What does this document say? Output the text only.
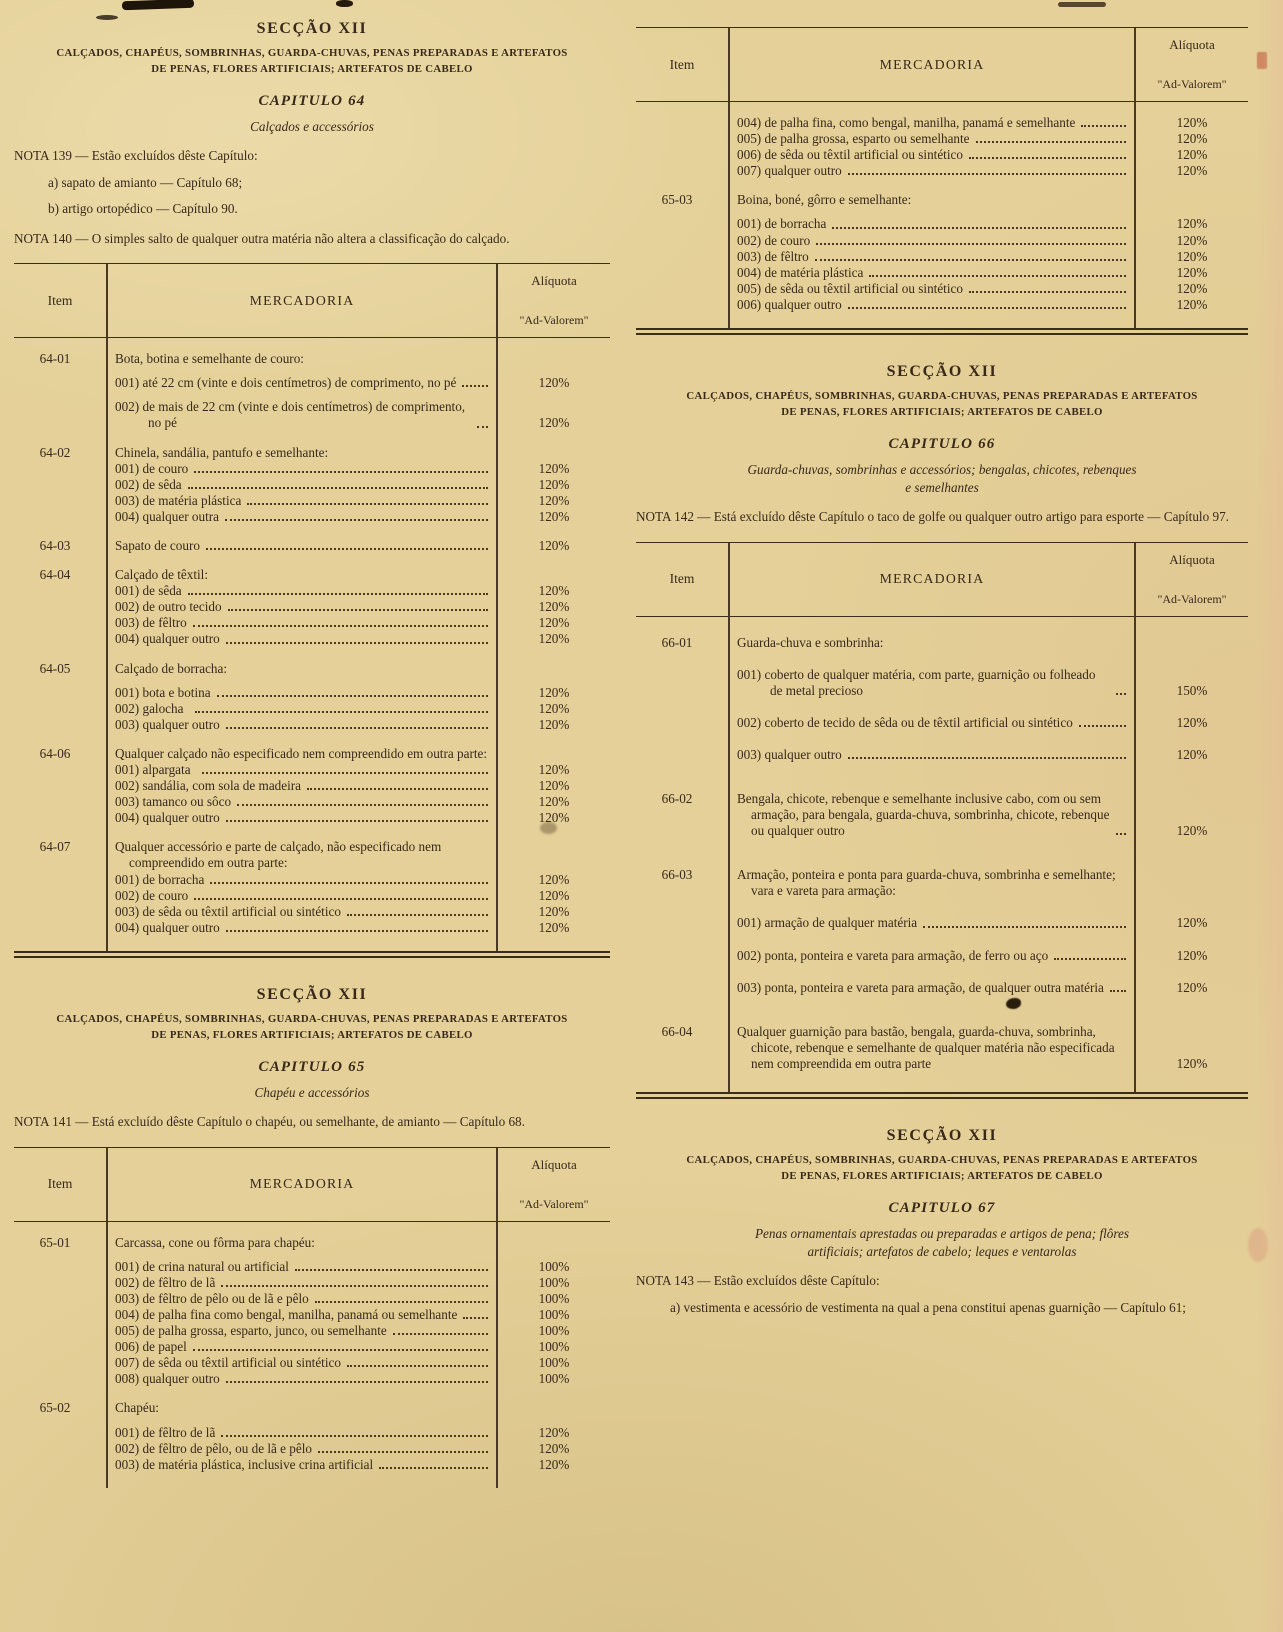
SECÇÃO XII
CALÇADOS, CHAPÉUS, SOMBRINHAS, GUARDA-CHUVAS, PENAS PREPARADAS E ARTEFATOS
DE PENAS, FLORES ARTIFICIAIS; ARTEFATOS DE CABELO
CAPITULO 64
Calçados e accessórios
NOTA 139 — Estão excluídos dêste Capítulo:
a) sapato de amianto — Capítulo 68;
b) artigo ortopédico — Capítulo 90.
NOTA 140 — O simples salto de qualquer outra matéria não altera a classificação do calçado.
Item	MERCADORIA
Alíquota
"Ad-Valorem"
64-01	Bota, botina e semelhante de couro:
001) até 22 cm (vinte e dois centímetros) de comprimento, no pé	120%
002) de mais de 22 cm (vinte e dois centímetros) de comprimento, no pé	120%
64-02	Chinela, sandália, pantufo e semelhante:
001) de couro	120%
002) de sêda	120%
003) de matéria plástica	120%
004) qualquer outra	120%
64-03	Sapato de couro	120%
64-04	Calçado de têxtil:
001) de sêda	120%
002) de outro tecido	120%
003) de fêltro	120%
004) qualquer outro	120%
64-05	Calçado de borracha:
001) bota e botina	120%
002) galocha	120%
003) qualquer outro	120%
64-06	Qualquer calçado não especificado nem compreendido em outra parte:
001) alpargata	120%
002) sandália, com sola de madeira	120%
003) tamanco ou sôco	120%
004) qualquer outro	120%
64-07	Qualquer accessório e parte de calçado, não especificado nem compreendido em outra parte:
001) de borracha	120%
002) de couro	120%
003) de sêda ou têxtil artificial ou sintético	120%
004) qualquer outro	120%
SECÇÃO XII
CALÇADOS, CHAPÉUS, SOMBRINHAS, GUARDA-CHUVAS, PENAS PREPARADAS E ARTEFATOS
DE PENAS, FLORES ARTIFICIAIS; ARTEFATOS DE CABELO
CAPITULO 65
Chapéu e accessórios
NOTA 141 — Está excluído dêste Capítulo o chapéu, ou semelhante, de amianto — Capítulo 68.
Item	MERCADORIA
Alíquota
"Ad-Valorem"
65-01	Carcassa, cone ou fôrma para chapéu:
001) de crina natural ou artificial	100%
002) de fêltro de lã	100%
003) de fêltro de pêlo ou de lã e pêlo	100%
004) de palha fina como bengal, manilha, panamá ou semelhante	100%
005) de palha grossa, esparto, junco, ou semelhante	100%
006) de papel	100%
007) de sêda ou têxtil artificial ou sintético	100%
008) qualquer outro	100%
65-02	Chapéu:
001) de fêltro de lã	120%
002) de fêltro de pêlo, ou de lã e pêlo	120%
003) de matéria plástica, inclusive crina artificial	120%
Item	MERCADORIA
Alíquota
"Ad-Valorem"
004) de palha fina, como bengal, manilha, panamá e semelhante	120%
005) de palha grossa, esparto ou semelhante	120%
006) de sêda ou têxtil artificial ou sintético	120%
007) qualquer outro	120%
65-03	Boina, boné, gôrro e semelhante:
001) de borracha	120%
002) de couro	120%
003) de fêltro	120%
004) de matéria plástica	120%
005) de sêda ou têxtil artificial ou sintético	120%
006) qualquer outro	120%
SECÇÃO XII
CALÇADOS, CHAPÉUS, SOMBRINHAS, GUARDA-CHUVAS, PENAS PREPARADAS E ARTEFATOS
DE PENAS, FLORES ARTIFICIAIS; ARTEFATOS DE CABELO
CAPITULO 66
Guarda-chuvas, sombrinhas e accessórios; bengalas, chicotes, rebenques
e semelhantes
NOTA 142 — Está excluído dêste Capítulo o taco de golfe ou qualquer outro artigo para esporte — Capítulo 97.
Item	MERCADORIA
Alíquota
"Ad-Valorem"
66-01	Guarda-chuva e sombrinha:
001) coberto de qualquer matéria, com parte, guarnição ou folheado de metal precioso	150%
002) coberto de tecido de sêda ou de têxtil artificial ou sintético	120%
003) qualquer outro	120%
66-02	Bengala, chicote, rebenque e semelhante inclusive cabo, com ou sem armação, para bengala, guarda-chuva, sombrinha, chicote, rebenque ou qualquer outro	120%
66-03	Armação, ponteira e ponta para guarda-chuva, sombrinha e semelhante; vara e vareta para armação:
001) armação de qualquer matéria	120%
002) ponta, ponteira e vareta para armação, de ferro ou aço	120%
003) ponta, ponteira e vareta para armação, de qualquer outra matéria	120%
66-04	Qualquer guarnição para bastão, bengala, guarda-chuva, sombrinha, chicote, rebenque e semelhante de qualquer matéria não especificada nem compreendida em outra parte	120%
SECÇÃO XII
CALÇADOS, CHAPÉUS, SOMBRINHAS, GUARDA-CHUVAS, PENAS PREPARADAS E ARTEFATOS
DE PENAS, FLORES ARTIFICIAIS; ARTEFATOS DE CABELO
CAPITULO 67
Penas ornamentais aprestadas ou preparadas e artigos de pena; flôres
artificiais; artefatos de cabelo; leques e ventarolas
NOTA 143 — Estão excluídos dêste Capítulo:
a) vestimenta e acessório de vestimenta na qual a pena constitui apenas guarnição — Capítulo 61;
